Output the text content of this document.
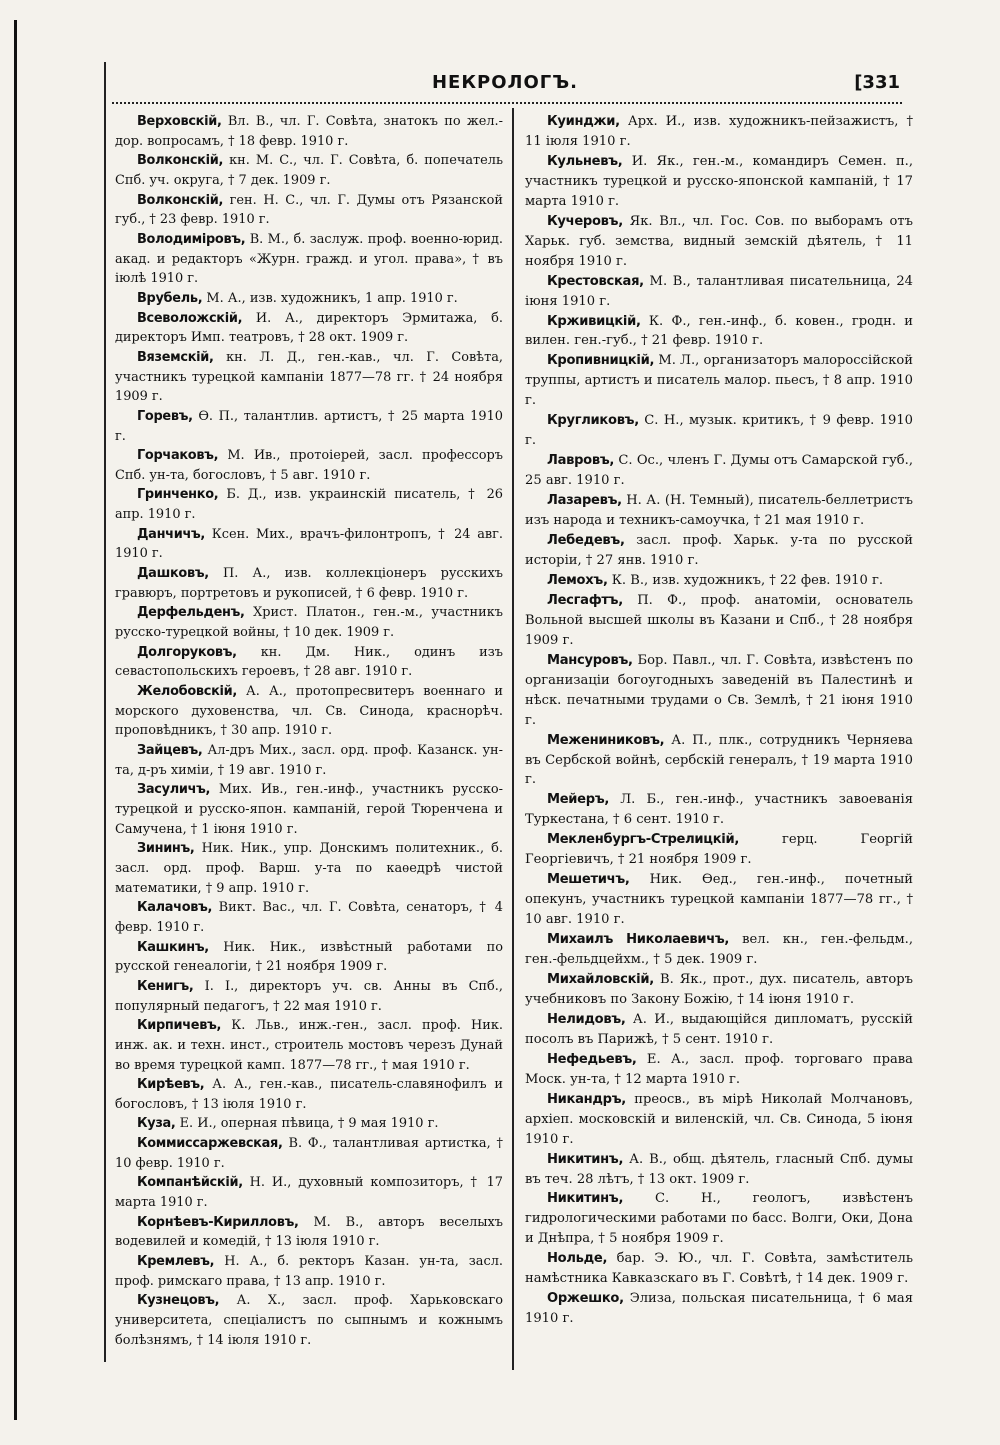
НЕКРОЛОГЪ.	[331

Верховскій, Вл. В., чл. Г. Совѣта, знатокъ по жел.-дор. вопросамъ, † 18 февр. 1910 г.

Волконскій, кн. М. С., чл. Г. Совѣта, б. попечатель Спб. уч. округа, † 7 дек. 1909 г.

Волконскій, ген. Н. С., чл. Г. Думы отъ Рязанской губ., † 23 февр. 1910 г.

Володиміровъ, В. М., б. заслуж. проф. военно-юрид. акад. и редакторъ «Журн. гражд. и угол. права», † въ іюлѣ 1910 г.

Врубель, М. А., изв. художникъ, 1 апр. 1910 г.

Всеволожскій, И. А., директоръ Эрмитажа, б. директоръ Имп. театровъ, † 28 окт. 1909 г.

Вяземскій, кн. Л. Д., ген.-кав., чл. Г. Совѣта, участникъ турецкой кампаніи 1877—78 гг. † 24 ноября 1909 г.

Горевъ, Ѳ. П., талантлив. артистъ, † 25 марта 1910 г.

Горчаковъ, М. Ив., протоіерей, засл. профессоръ Спб. ун-та, богословъ, † 5 авг. 1910 г.

Гринченко, Б. Д., изв. украинскій писатель, † 26 апр. 1910 г.

Данчичъ, Ксен. Мих., врачъ-филонтропъ, † 24 авг. 1910 г.

Дашковъ, П. А., изв. коллекціонеръ русскихъ гравюръ, портретовъ и рукописей, † 6 февр. 1910 г.

Дерфельденъ, Христ. Платон., ген.-м., участникъ русско-турецкой войны, † 10 дек. 1909 г.

Долгоруковъ, кн. Дм. Ник., одинъ изъ севастопольскихъ героевъ, † 28 авг. 1910 г.

Желобовскій, А. А., протопресвитеръ военнаго и морского духовенства, чл. Св. Синода, краснорѣч. проповѣдникъ, † 30 апр. 1910 г.

Зайцевъ, Ал-дръ Мих., засл. орд. проф. Казанск. ун-та, д-ръ химіи, † 19 авг. 1910 г.

Засуличъ, Мих. Ив., ген.-инф., участникъ русско-турецкой и русско-япон. кампаній, герой Тюренчена и Самучена, † 1 іюня 1910 г.

Зининъ, Ник. Ник., упр. Донскимъ политехник., б. засл. орд. проф. Варш. у-та по каѳедрѣ чистой математики, † 9 апр. 1910 г.

Калачовъ, Викт. Вас., чл. Г. Совѣта, сенаторъ, † 4 февр. 1910 г.

Кашкинъ, Ник. Ник., извѣстный работами по русской генеалогіи, † 21 ноября 1909 г.

Кенигъ, І. І., директоръ уч. св. Анны въ Спб., популярный педагогъ, † 22 мая 1910 г.

Кирпичевъ, К. Льв., инж.-ген., засл. проф. Ник. инж. ак. и техн. инст., строитель мостовъ черезъ Дунай во время турецкой камп. 1877—78 гг., † мая 1910 г.

Кирѣевъ, А. А., ген.-кав., писатель-славянофилъ и богословъ, † 13 іюля 1910 г.

Куза, Е. И., оперная пѣвица, † 9 мая 1910 г.

Коммиссаржевская, В. Ф., талантливая артистка, † 10 февр. 1910 г.

Компанѣйскій, Н. И., духовный композиторъ, † 17 марта 1910 г.

Корнѣевъ-Кирилловъ, М. В., авторъ веселыхъ водевилей и комедій, † 13 іюля 1910 г.

Кремлевъ, Н. А., б. ректоръ Казан. ун-та, засл. проф. римскаго права, † 13 апр. 1910 г.

Кузнецовъ, А. Х., засл. проф. Харьковскаго университета, спеціалистъ по сыпнымъ и кожнымъ болѣзнямъ, † 14 іюля 1910 г.

Куинджи, Арх. И., изв. художникъ-пейзажистъ, † 11 іюля 1910 г.

Кульневъ, И. Як., ген.-м., командиръ Семен. п., участникъ турецкой и русско-японской кампаній, † 17 марта 1910 г.

Кучеровъ, Як. Вл., чл. Гос. Сов. по выборамъ отъ Харьк. губ. земства, видный земскій дѣятель, † 11 ноября 1910 г.

Крестовская, М. В., талантливая писательница, 24 іюня 1910 г.

Крживицкій, К. Ф., ген.-инф., б. ковен., гродн. и вилен. ген.-губ., † 21 февр. 1910 г.

Кропивницкій, М. Л., организаторъ малороссійской труппы, артистъ и писатель малор. пьесъ, † 8 апр. 1910 г.

Кругликовъ, С. Н., музык. критикъ, † 9 февр. 1910 г.

Лавровъ, С. Ос., членъ Г. Думы отъ Самарской губ., 25 авг. 1910 г.

Лазаревъ, Н. А. (Н. Темный), писатель-беллетристъ изъ народа и техникъ-самоучка, † 21 мая 1910 г.

Лебедевъ, засл. проф. Харьк. у-та по русской исторіи, † 27 янв. 1910 г.

Лемохъ, К. В., изв. художникъ, † 22 фев. 1910 г.

Лесгафтъ, П. Ф., проф. анатоміи, основатель Вольной высшей школы въ Казани и Спб., † 28 ноября 1909 г.

Мансуровъ, Бор. Павл., чл. Г. Совѣта, извѣстенъ по организаціи богоугодныхъ заведеній въ Палестинѣ и нѣск. печатными трудами о Св. Землѣ, † 21 іюня 1910 г.

Межениниковъ, А. П., плк., сотрудникъ Черняева въ Сербской войнѣ, сербскій генералъ, † 19 марта 1910 г.

Мейеръ, Л. Б., ген.-инф., участникъ завоеванія Туркестана, † 6 сент. 1910 г.

Мекленбургъ-Стрелицкій, герц. Георгій Георгіевичъ, † 21 ноября 1909 г.

Мешетичъ, Ник. Ѳед., ген.-инф., почетный опекунъ, участникъ турецкой кампаніи 1877—78 гг., † 10 авг. 1910 г.

Михаилъ Николаевичъ, вел. кн., ген.-фельдм., ген.-фельдцейхм., † 5 дек. 1909 г.

Михайловскій, В. Як., прот., дух. писатель, авторъ учебниковъ по Закону Божію, † 14 іюня 1910 г.

Нелидовъ, А. И., выдающійся дипломатъ, русскій посолъ въ Парижѣ, † 5 сент. 1910 г.

Нефедьевъ, Е. А., засл. проф. торговаго права Моск. ун-та, † 12 марта 1910 г.

Никандръ, преосв., въ мірѣ Николай Молчановъ, архіеп. московскій и виленскій, чл. Св. Синода, 5 іюня 1910 г.

Никитинъ, А. В., общ. дѣятель, гласный Спб. думы въ теч. 28 лѣтъ, † 13 окт. 1909 г.

Никитинъ, С. Н., геологъ, извѣстенъ гидрологическими работами по басс. Волги, Оки, Дона и Днѣпра, † 5 ноября 1909 г.

Нольде, бар. Э. Ю., чл. Г. Совѣта, замѣститель намѣстника Кавказскаго въ Г. Совѣтѣ, † 14 дек. 1909 г.

Оржешко, Элиза, польская писательница, † 6 мая 1910 г.
